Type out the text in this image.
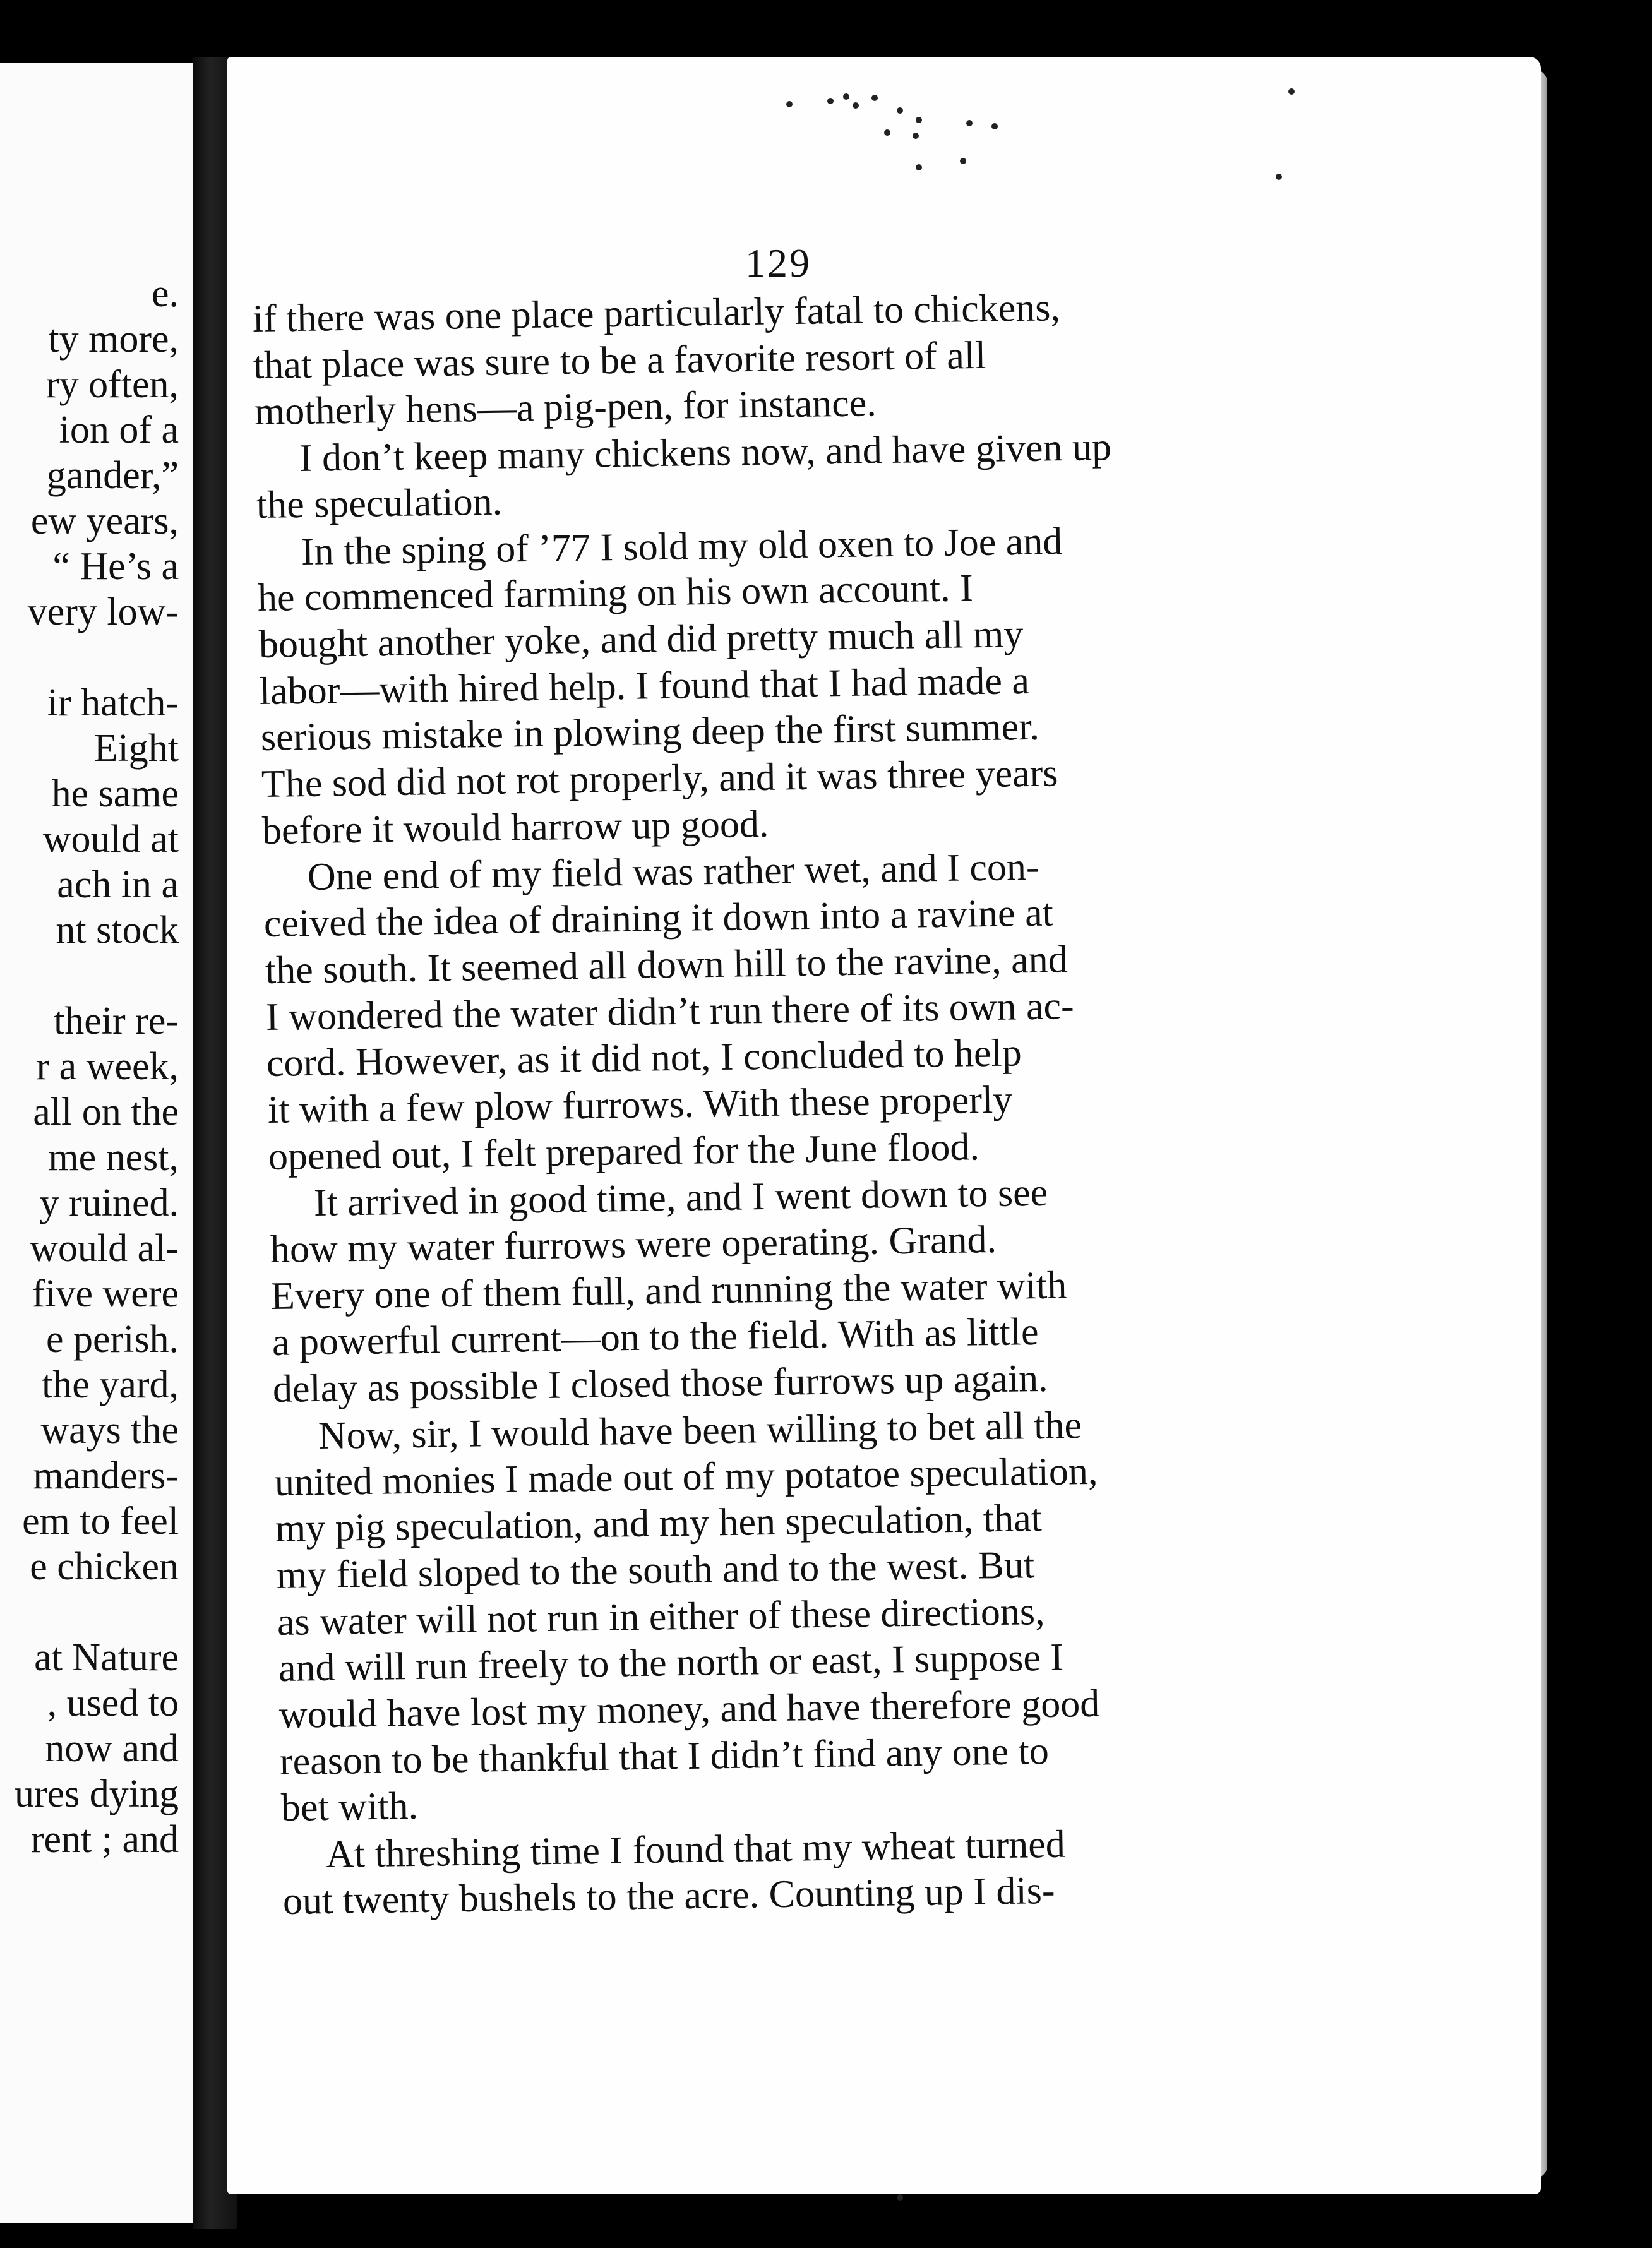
e.
ty more,
ry often,
ion of a
gander,”
ew years,
“ He’s a
very low-
ir hatch-
Eight
he same
would at
ach in a
nt stock
their re-
r a week,
all on the
me nest,
y ruined.
would al-
five were
e perish.
the yard,
ways the
manders-
em to feel
e chicken
at Nature
, used to
now and
ures dying
rent ; and
129
if there was one place particularly fatal to chickens,
that place was sure to be a favorite resort of all
motherly hens—a pig-pen, for instance.
I don’t keep many chickens now, and have given up
the speculation.
In the sping of ’77 I sold my old oxen to Joe and
he commenced farming on his own account. I
bought another yoke, and did pretty much all my
labor—with hired help. I found that I had made a
serious mistake in plowing deep the first summer.
The sod did not rot properly, and it was three years
before it would harrow up good.
One end of my field was rather wet, and I con-
ceived the idea of draining it down into a ravine at
the south. It seemed all down hill to the ravine, and
I wondered the water didn’t run there of its own ac-
cord. However, as it did not, I concluded to help
it with a few plow furrows. With these properly
opened out, I felt prepared for the June flood.
It arrived in good time, and I went down to see
how my water furrows were operating. Grand.
Every one of them full, and running the water with
a powerful current—on to the field. With as little
delay as possible I closed those furrows up again.
Now, sir, I would have been willing to bet all the
united monies I made out of my potatoe speculation,
my pig speculation, and my hen speculation, that
my field sloped to the south and to the west. But
as water will not run in either of these directions,
and will run freely to the north or east, I suppose I
would have lost my money, and have therefore good
reason to be thankful that I didn’t find any one to
bet with.
At threshing time I found that my wheat turned
out twenty bushels to the acre. Counting up I dis-
